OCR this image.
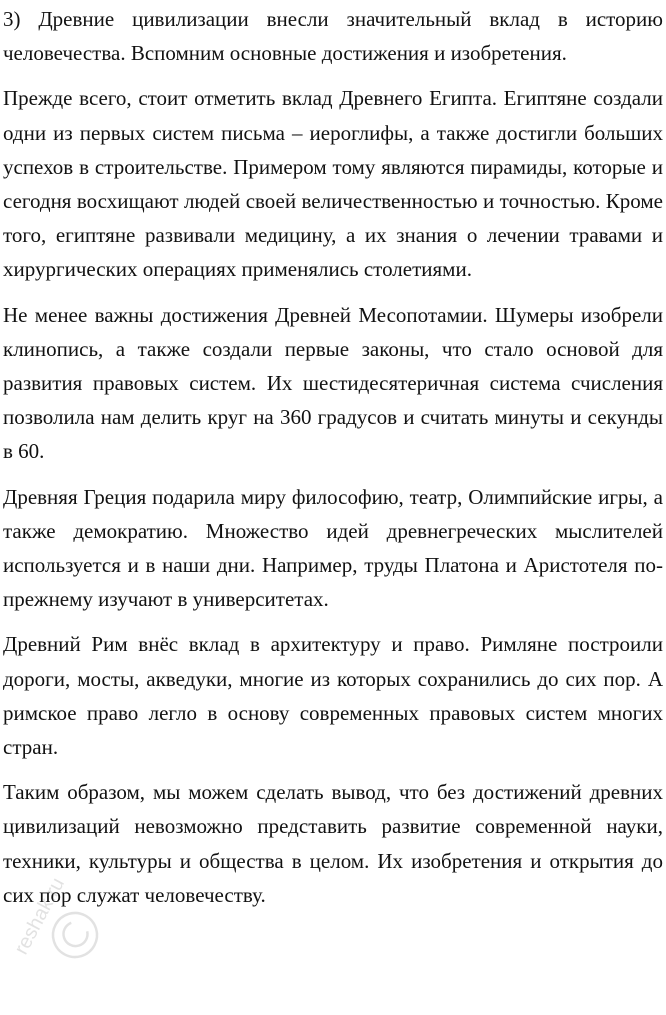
3) Древние цивилизации внесли значительный вклад в историю человечества. Вспомним основные достижения и изобретения.

Прежде всего, стоит отметить вклад Древнего Египта. Египтяне создали одни из первых систем письма – иероглифы, а также достигли больших успехов в строительстве. Примером тому являются пирамиды, которые и сегодня восхищают людей своей величественностью и точностью. Кроме того, египтяне развивали медицину, а их знания о лечении травами и хирургических операциях применялись столетиями.

Не менее важны достижения Древней Месопотамии. Шумеры изобрели клинопись, а также создали первые законы, что стало основой для развития правовых систем. Их шестидесятеричная система счисления позволила нам делить круг на 360 градусов и считать минуты и секунды в 60.

Древняя Греция подарила миру философию, театр, Олимпийские игры, а также демократию. Множество идей древнегреческих мыслителей используется и в наши дни. Например, труды Платона и Аристотеля по-прежнему изучают в университетах.

Древний Рим внёс вклад в архитектуру и право. Римляне построили дороги, мосты, акведуки, многие из которых сохранились до сих пор. А римское право легло в основу современных правовых систем многих стран.

Таким образом, мы можем сделать вывод, что без достижений древних цивилизаций невозможно представить развитие современной науки, техники, культуры и общества в целом. Их изобретения и открытия до сих пор служат человечеству.

reshak.ru
